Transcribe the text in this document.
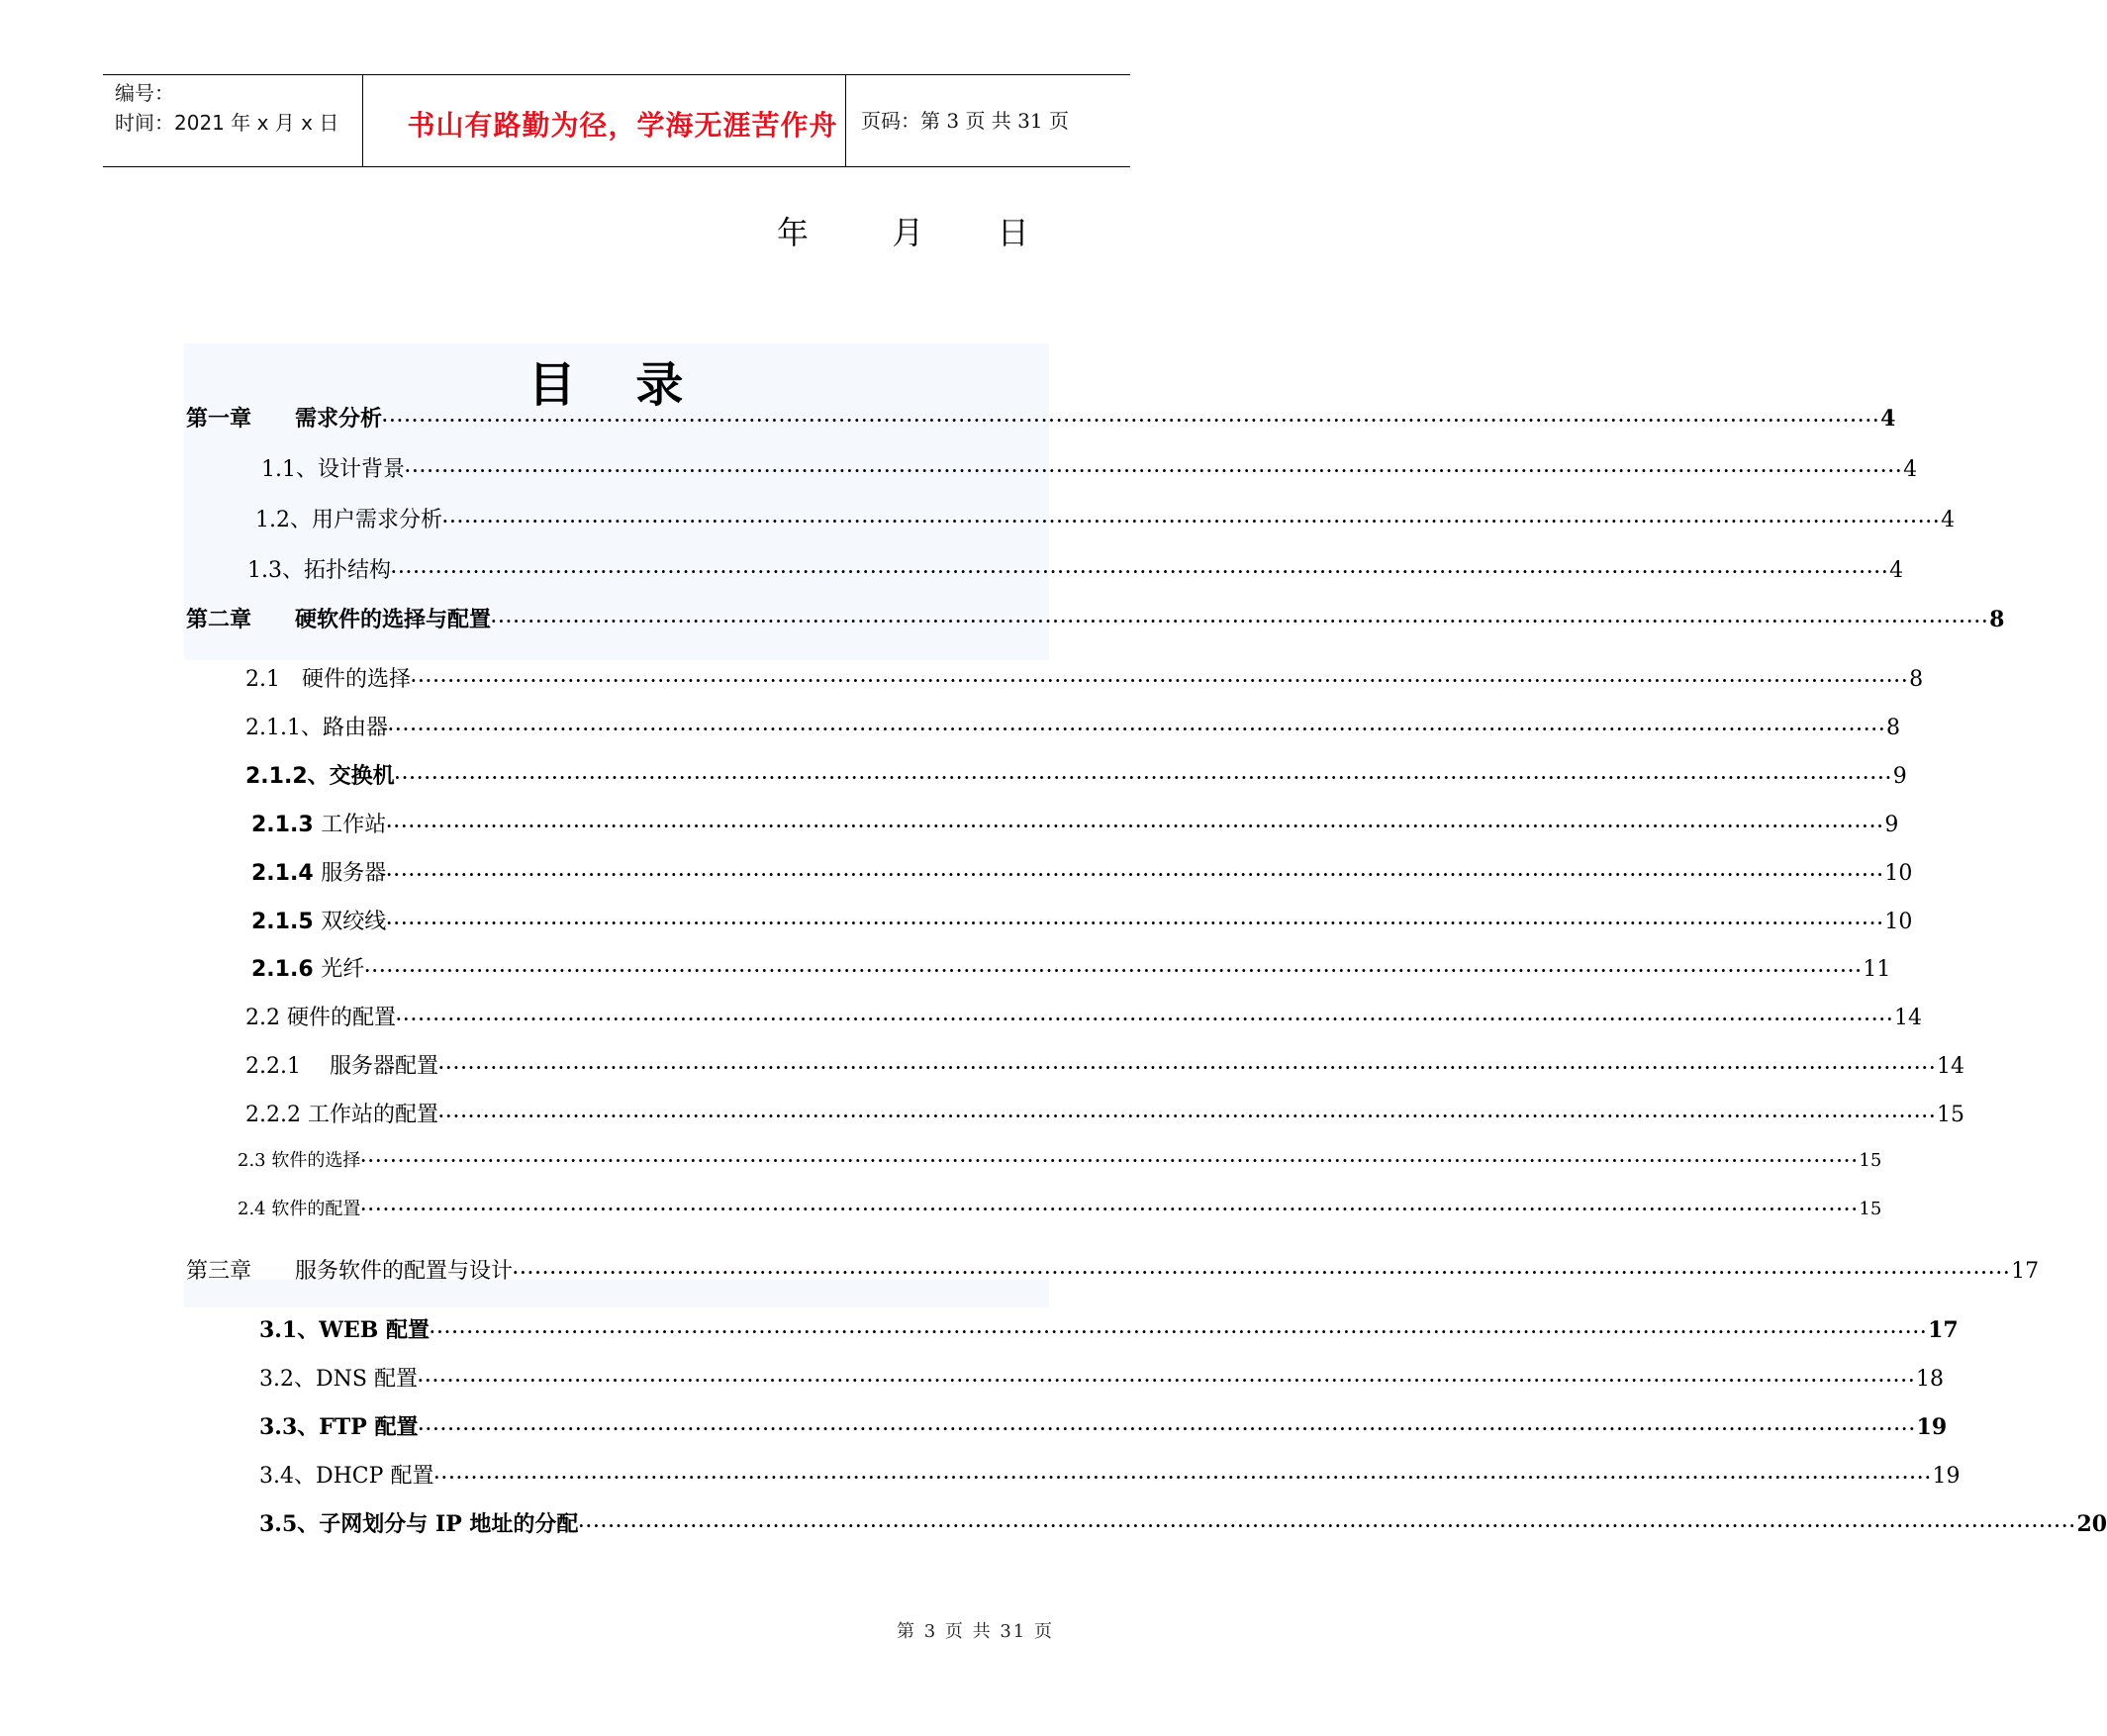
编号：
时间：2021 年 x 月 x 日	书山有路勤为径，学海无涯苦作舟	页码：第 3 页 共 31 页
年	月 日
目 录
第一章　　需求分析 ········································································································································································································ 4
1.1、设计背景 ········································································································································································································ 4
1.2、用户需求分析 ········································································································································································································ 4
1.3、拓扑结构 ········································································································································································································ 4
第二章　　硬软件的选择与配置 ········································································································································································································ 8
2.1　硬件的选择 ········································································································································································································ 8
2.1.1、路由器 ········································································································································································································ 8
2.1.2、交换机 ········································································································································································································ 9
2.1.3 工作站 ········································································································································································································ 9
2.1.4 服务器 ········································································································································································································ 10
2.1.5 双绞线 ········································································································································································································ 10
2.1.6 光纤 ········································································································································································································ 11
2.2 硬件的配置 ········································································································································································································ 14
2.2.1　 服务器配置 ········································································································································································································ 14
2.2.2 工作站的配置 ········································································································································································································ 15
2.3 软件的选择 ········································································································································································································ 15
2.4 软件的配置 ········································································································································································································ 15
第三章　　服务软件的配置与设计 ········································································································································································································ 17
3.1、WEB 配置 ········································································································································································································ 17
3.2、DNS 配置 ········································································································································································································ 18
3.3、FTP 配置 ········································································································································································································ 19
3.4、DHCP 配置 ········································································································································································································ 19
3.5、子网划分与 IP 地址的分配 ········································································································································································································ 20
第 3 页 共 31 页
